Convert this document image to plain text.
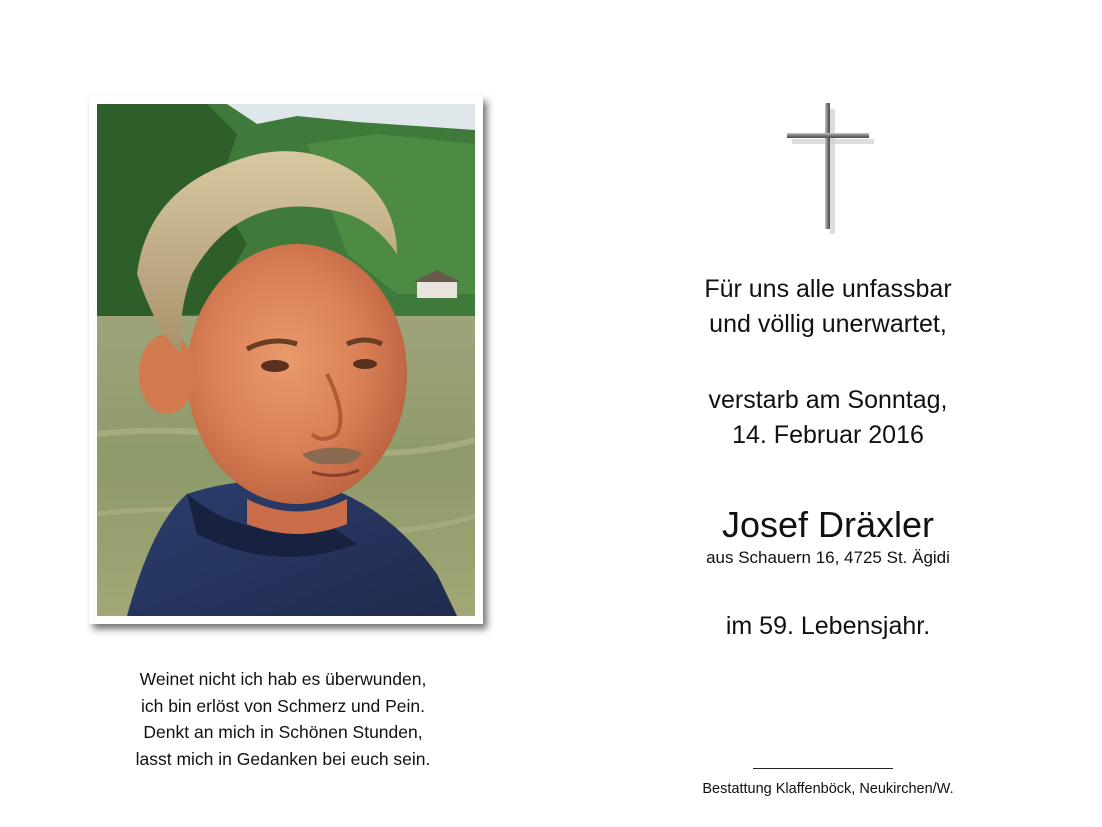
Weinet nicht ich hab es überwunden,
ich bin erlöst von Schmerz und Pein.
Denkt an mich in Schönen Stunden,
lasst mich in Gedanken bei euch sein.
Für uns alle unfassbar
und völlig unerwartet,
verstarb am Sonntag,
14. Februar 2016
Josef Dräxler
aus Schauern 16, 4725 St. Ägidi
im 59. Lebensjahr.
Bestattung Klaffenböck, Neukirchen/W.
